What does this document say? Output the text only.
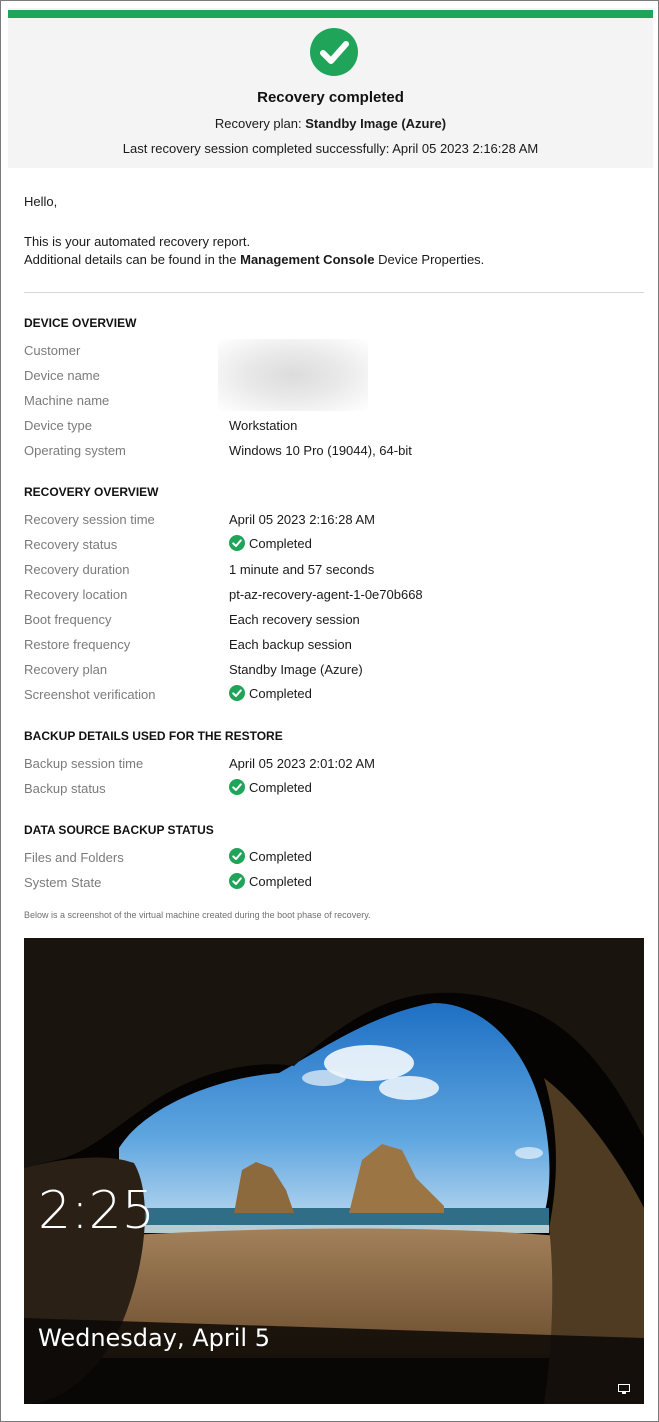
Recovery completed
Recovery plan: Standby Image (Azure)
Last recovery session completed successfully: April 05 2023 2:16:28 AM
Hello,
This is your automated recovery report.
Additional details can be found in the Management Console Device Properties.
DEVICE OVERVIEW
Customer
Device name
Machine name
Device type	Workstation
Operating system	Windows 10 Pro (19044), 64-bit
RECOVERY OVERVIEW
Recovery session time	April 05 2023 2:16:28 AM
Recovery status	Completed
Recovery duration	1 minute and 57 seconds
Recovery location	pt-az-recovery-agent-1-0e70b668
Boot frequency	Each recovery session
Restore frequency	Each backup session
Recovery plan	Standby Image (Azure)
Screenshot verification	Completed
BACKUP DETAILS USED FOR THE RESTORE
Backup session time	April 05 2023 2:01:02 AM
Backup status	Completed
DATA SOURCE BACKUP STATUS
Files and Folders	Completed
System State	Completed
Below is a screenshot of the virtual machine created during the boot phase of recovery.
2:25
Wednesday, April 5
